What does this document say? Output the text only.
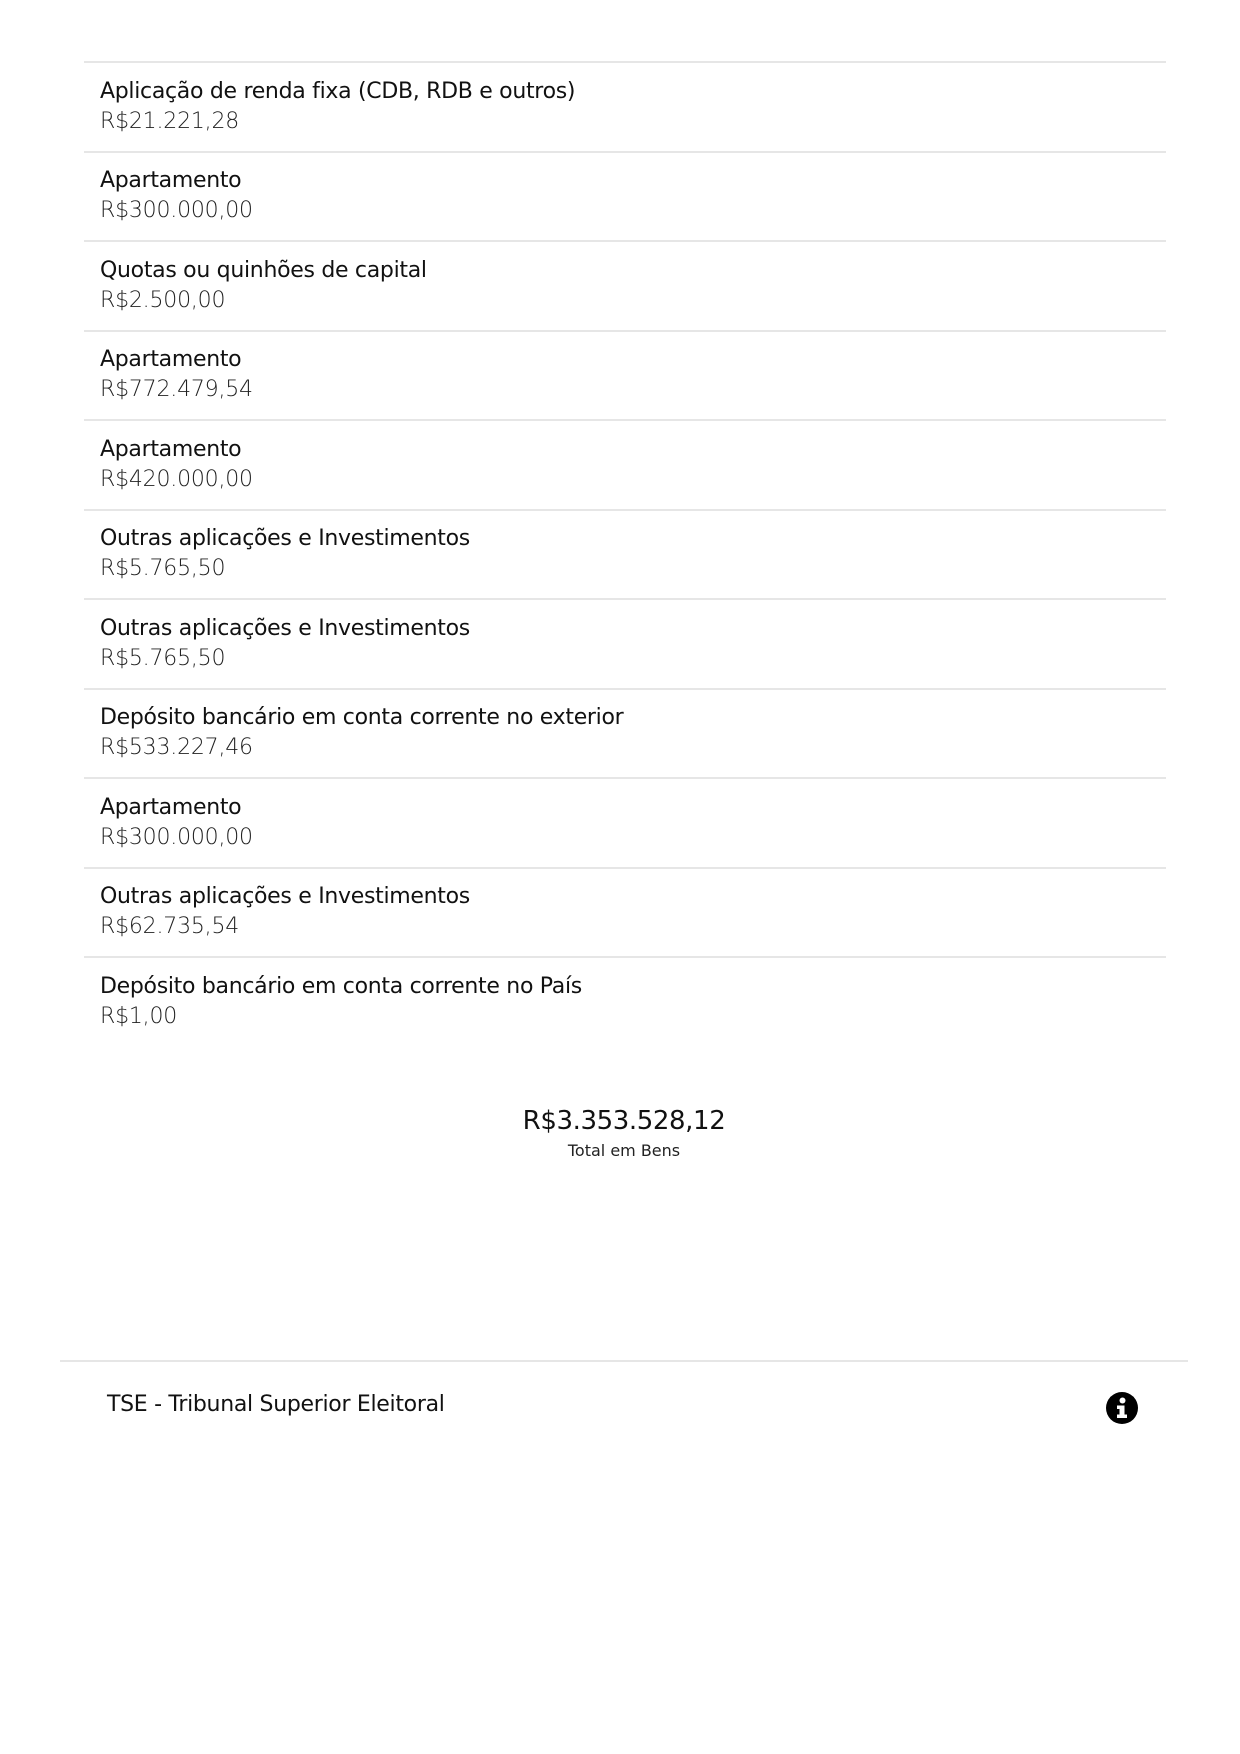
Aplicação de renda fixa (CDB, RDB e outros)
R$21.221,28
Apartamento
R$300.000,00
Quotas ou quinhões de capital
R$2.500,00
Apartamento
R$772.479,54
Apartamento
R$420.000,00
Outras aplicações e Investimentos
R$5.765,50
Outras aplicações e Investimentos
R$5.765,50
Depósito bancário em conta corrente no exterior
R$533.227,46
Apartamento
R$300.000,00
Outras aplicações e Investimentos
R$62.735,54
Depósito bancário em conta corrente no País
R$1,00
R$3.353.528,12
Total em Bens
TSE - Tribunal Superior Eleitoral
